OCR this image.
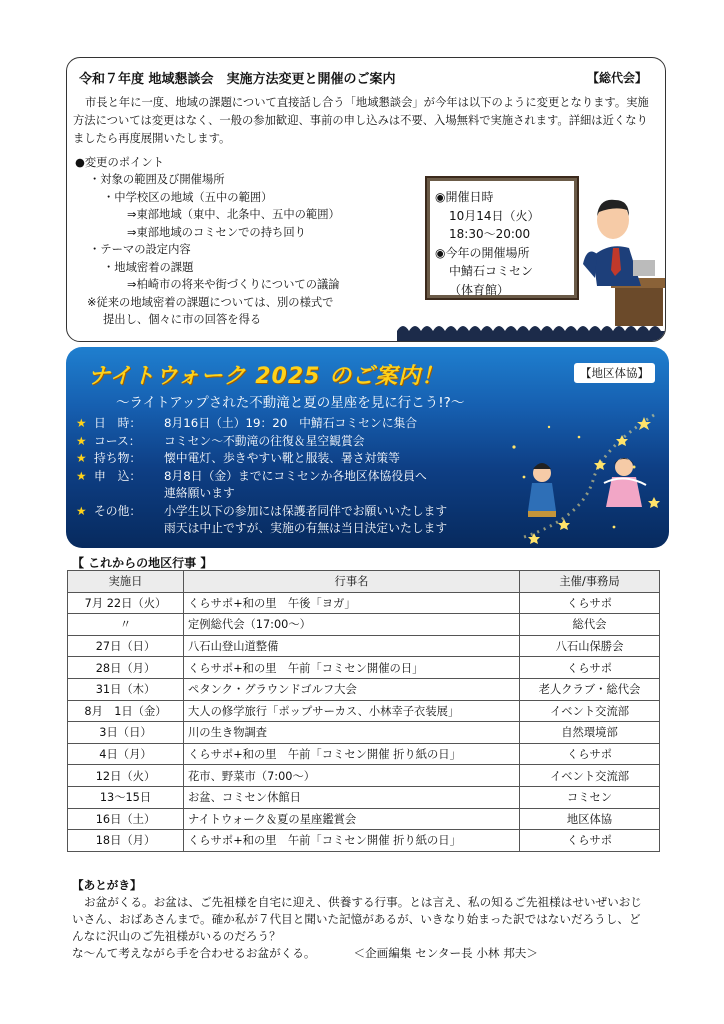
令和７年度 地域懇談会　実施方法変更と開催のご案内	【総代会】
市長と年に一度、地域の課題について直接話し合う「地域懇談会」が今年は以下のように変更となります。実施方法については変更はなく、一般の参加歓迎、事前の申し込みは不要、入場無料で実施されます。詳細は近くなりましたら再度展開いたします。
●変更のポイント
・対象の範囲及び開催場所
・中学校区の地域（五中の範囲）
⇒東部地域（東中、北条中、五中の範囲）
⇒東部地域のコミセンでの持ち回り
・テーマの設定内容
・地域密着の課題
⇒柏崎市の将来や街づくりについての議論
※従来の地域密着の課題については、別の様式で
提出し、個々に市の回答を得る
◉開催日時
10月14日（火）
18:30～20:00
◉今年の開催場所
中鯖石コミセン
（体育館）
ナイトウォーク 2025 のご案内！	【地区体協】
～ライトアップされた不動滝と夏の星座を見に行こう!?～
★ 日　時：	8月16日（土）19：20　中鯖石コミセンに集合
★ コース：	コミセン～不動滝の往復＆星空観賞会
★ 持ち物：	懐中電灯、歩きやすい靴と服装、暑さ対策等
★ 申　込：	8月8日（金）までにコミセンか各地区体協役員へ
連絡願います
★ その他：	小学生以下の参加には保護者同伴でお願いいたします
雨天は中止ですが、実施の有無は当日決定いたします
【 これからの地区行事 】
実施日	行事名	主催/事務局
7月 22日（火）	くらサポ+和の里　午後「ヨガ」	くらサポ
〃	定例総代会（17:00～）	総代会
27日（日）	八石山登山道整備	八石山保勝会
28日（月）	くらサポ+和の里　午前「コミセン開催の日」	くらサポ
31日（木）	ペタンク・グラウンドゴルフ大会	老人クラブ・総代会
8月　1日（金）	大人の修学旅行「ポップサーカス、小林幸子衣装展」	イベント交流部
3日（日）	川の生き物調査	自然環境部
4日（月）	くらサポ+和の里　午前「コミセン開催 折り紙の日」	くらサポ
12日（火）	花市、野菜市（7:00～）	イベント交流部
13～15日	お盆、コミセン休館日	コミセン
16日（土）	ナイトウォーク＆夏の星座鑑賞会	地区体協
18日（月）	くらサポ+和の里　午前「コミセン開催 折り紙の日」	くらサポ
【あとがき】

お盆がくる。お盆は、ご先祖様を自宅に迎え、供養する行事。とは言え、私の知るご先祖様はせいぜいおじいさん、おばあさんまで。確か私が７代目と聞いた記憶があるが、いきなり始まった訳ではないだろうし、どんなに沢山のご先祖様がいるのだろう？

な～んて考えながら手を合わせるお盆がくる。	＜企画編集 センター長 小林 邦夫＞
